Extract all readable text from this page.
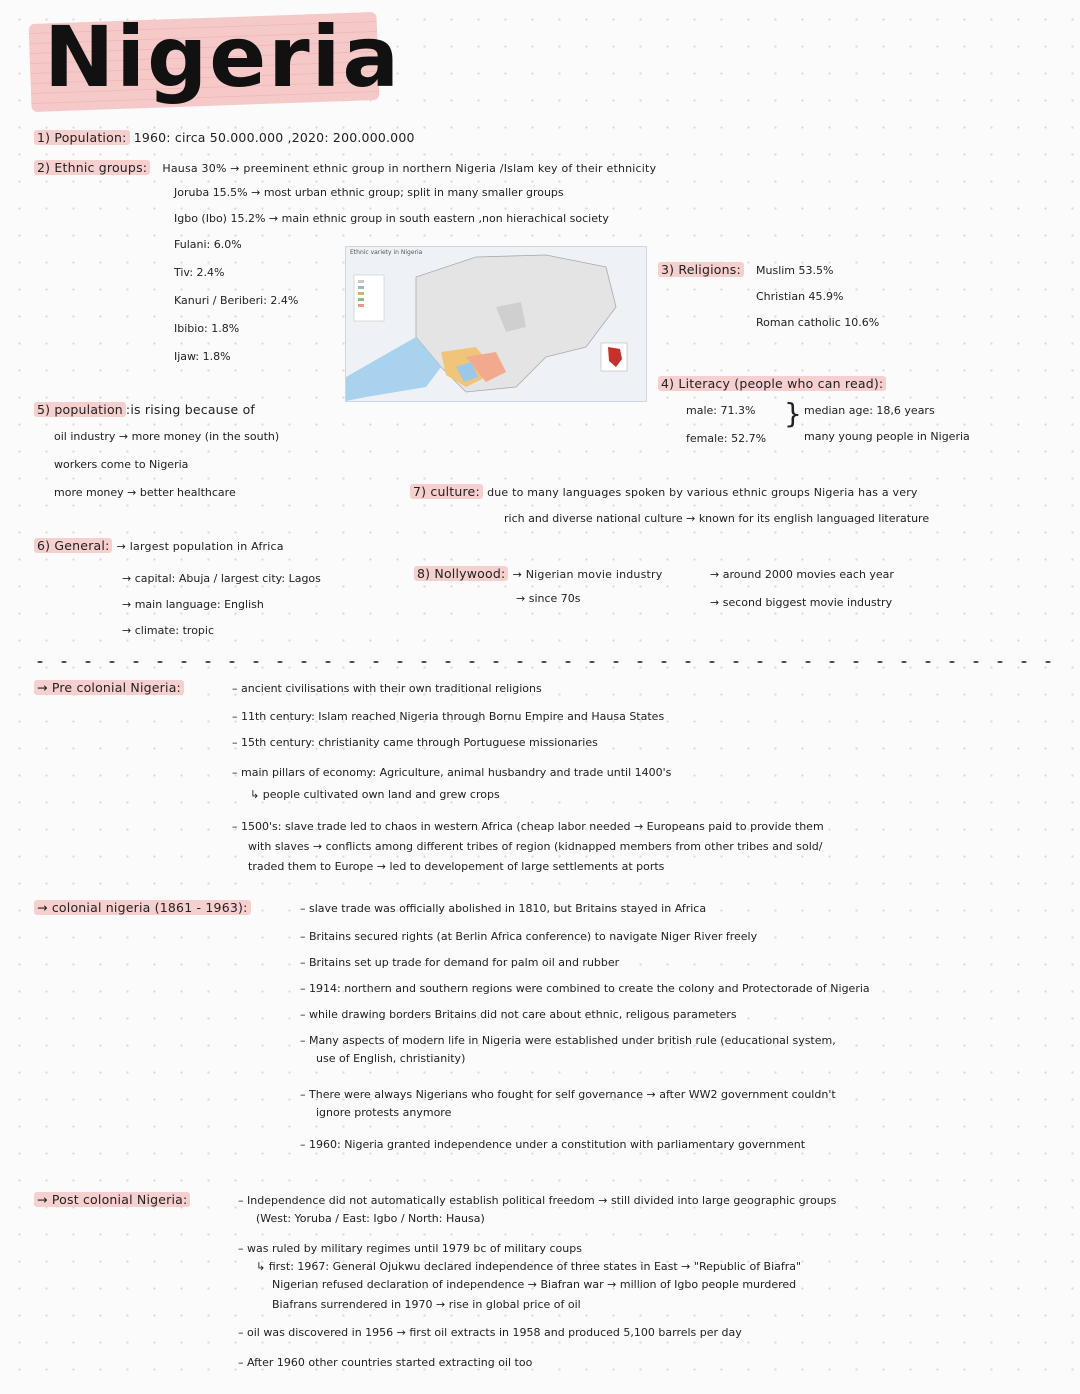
Nigeria
1) Population: 1960: circa 50.000.000 ,2020: 200.000.000
2) Ethnic groups: Hausa 30% → preeminent ethnic group in northern Nigeria /Islam key of their ethnicity
Joruba 15.5% → most urban ethnic group; split in many smaller groups
Igbo (Ibo) 15.2% → main ethnic group in south eastern ,non hierachical society
Fulani: 6.0%
Tiv: 2.4%
Kanuri / Beriberi: 2.4%
Ibibio: 1.8%
Ijaw: 1.8%
Ethnic variety in Nigeria
3) Religions: Muslim 53.5%
Christian 45.9%
Roman catholic 10.6%
4) Literacy (people who can read):
male: 71.3%
female: 52.7%
} median age: 18,6 years
many young people in Nigeria
5) population :is rising because of
oil industry → more money (in the south)
workers come to Nigeria
more money → better healthcare	7) culture: due to many languages spoken by various ethnic groups Nigeria has a very
rich and diverse national culture → known for its english languaged literature
6) General: → largest population in Africa
→ capital: Abuja / largest city: Lagos
→ main language: English
→ climate: tropic
8) Nollywood: → Nigerian movie industry
→ since 70s
→ around 2000 movies each year
→ second biggest movie industry
→ Pre colonial Nigeria:	– ancient civilisations with their own traditional religions
– 11th century: Islam reached Nigeria through Bornu Empire and Hausa States
– 15th century: christianity came through Portuguese missionaries
– main pillars of economy: Agriculture, animal husbandry and trade until 1400's
↳ people cultivated own land and grew crops
– 1500's: slave trade led to chaos in western Africa (cheap labor needed → Europeans paid to provide them
with slaves → conflicts among different tribes of region (kidnapped members from other tribes and sold/
traded them to Europe → led to developement of large settlements at ports
→ colonial nigeria (1861 - 1963):	– slave trade was officially abolished in 1810, but Britains stayed in Africa
– Britains secured rights (at Berlin Africa conference) to navigate Niger River freely
– Britains set up trade for demand for palm oil and rubber
– 1914: northern and southern regions were combined to create the colony and Protectorade of Nigeria
– while drawing borders Britains did not care about ethnic, religous parameters
– Many aspects of modern life in Nigeria were established under british rule (educational system,
use of English, christianity)
– There were always Nigerians who fought for self governance → after WW2 government couldn't
ignore protests anymore
– 1960: Nigeria granted independence under a constitution with parliamentary government
→ Post colonial Nigeria:	– Independence did not automatically establish political freedom → still divided into large geographic groups
(West: Yoruba / East: Igbo / North: Hausa)
– was ruled by military regimes until 1979 bc of military coups
↳ first: 1967: General Ojukwu declared independence of three states in East → "Republic of Biafra"
Nigerian refused declaration of independence → Biafran war → million of Igbo people murdered
Biafrans surrendered in 1970 → rise in global price of oil
– oil was discovered in 1956 → first oil extracts in 1958 and produced 5,100 barrels per day
– After 1960 other countries started extracting oil too
